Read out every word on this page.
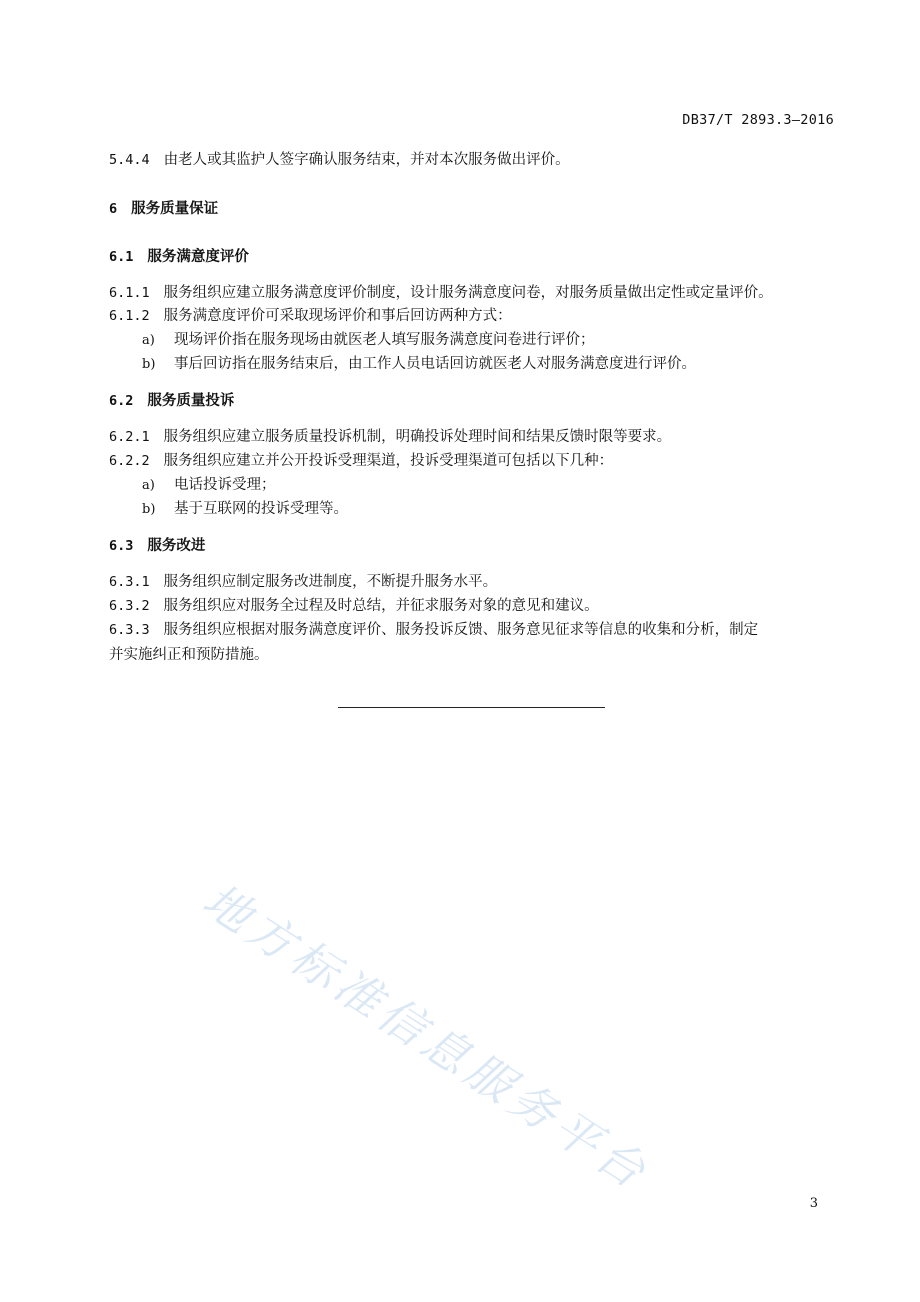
DB37/T 2893.3—2016
5.4.4 由老人或其监护人签字确认服务结束，并对本次服务做出评价。
6 服务质量保证
6.1 服务满意度评价
6.1.1 服务组织应建立服务满意度评价制度，设计服务满意度问卷，对服务质量做出定性或定量评价。
6.1.2 服务满意度评价可采取现场评价和事后回访两种方式：
a) 现场评价指在服务现场由就医老人填写服务满意度问卷进行评价；
b) 事后回访指在服务结束后，由工作人员电话回访就医老人对服务满意度进行评价。
6.2 服务质量投诉
6.2.1 服务组织应建立服务质量投诉机制，明确投诉处理时间和结果反馈时限等要求。
6.2.2 服务组织应建立并公开投诉受理渠道，投诉受理渠道可包括以下几种：
a) 电话投诉受理；
b) 基于互联网的投诉受理等。
6.3 服务改进
6.3.1 服务组织应制定服务改进制度，不断提升服务水平。
6.3.2 服务组织应对服务全过程及时总结，并征求服务对象的意见和建议。
6.3.3 服务组织应根据对服务满意度评价、服务投诉反馈、服务意见征求等信息的收集和分析，制定
并实施纠正和预防措施。
地方标准信息服务平台
3
